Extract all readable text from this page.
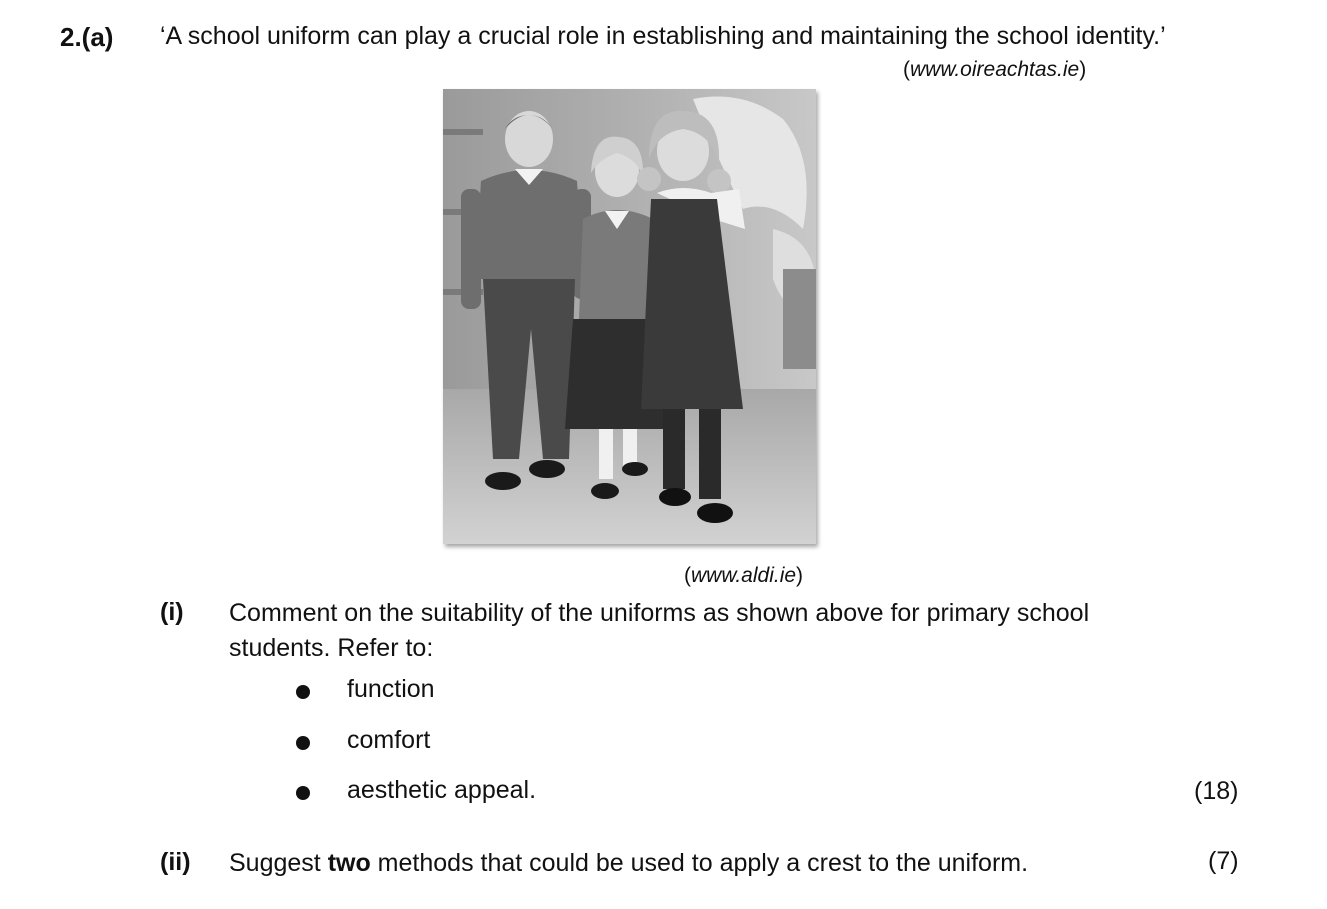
2.(a) ‘A school uniform can play a crucial role in establishing and maintaining the school identity.’
(www.oireachtas.ie)
(www.aldi.ie)
(i) Comment on the suitability of the uniforms as shown above for primary school students. Refer to:
function
comfort
aesthetic appeal.	(18)
(ii) Suggest two methods that could be used to apply a crest to the uniform.	(7)
